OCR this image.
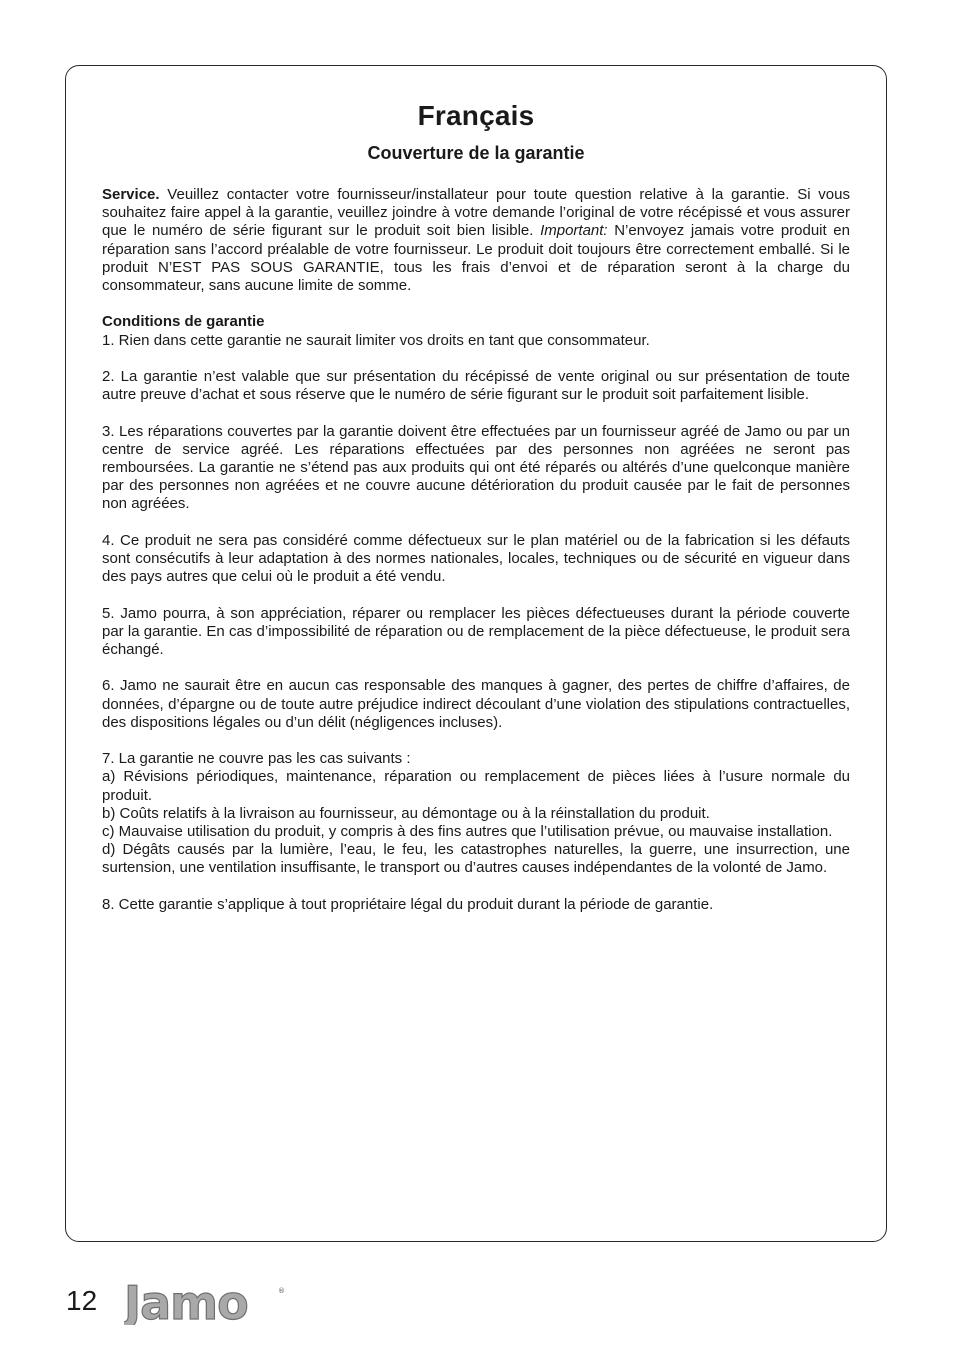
Français
Couverture de la garantie

Service. Veuillez contacter votre fournisseur/installateur pour toute question relative à la garantie. Si vous souhaitez faire appel à la garantie, veuillez joindre à votre demande l’original de votre récépissé et vous assurer que le numéro de série figurant sur le produit soit bien lisible. Important: N’envoyez jamais votre produit en réparation sans l’accord préalable de votre fournisseur. Le produit doit toujours être correctement emballé. Si le produit N’EST PAS SOUS GARANTIE, tous les frais d’envoi et de réparation seront à la charge du consommateur, sans aucune limite de somme.

Conditions de garantie

1. Rien dans cette garantie ne saurait limiter vos droits en tant que consommateur.

2. La garantie n’est valable que sur présentation du récépissé de vente original ou sur présentation de toute autre preuve d’achat et sous réserve que le numéro de série figurant sur le produit soit parfaitement lisible.

3. Les réparations couvertes par la garantie doivent être effectuées par un fournisseur agréé de Jamo ou par un centre de service agréé. Les réparations effectuées par des personnes non agréées ne seront pas remboursées. La garantie ne s’étend pas aux produits qui ont été réparés ou altérés d’une quelconque manière par des personnes non agréées et ne couvre aucune détérioration du produit causée par le fait de personnes non agréées.

4. Ce produit ne sera pas considéré comme défectueux sur le plan matériel ou de la fabrication si les défauts sont consécutifs à leur adaptation à des normes nationales, locales, techniques ou de sécurité en vigueur dans des pays autres que celui où le produit a été vendu.

5. Jamo pourra, à son appréciation, réparer ou remplacer les pièces défectueuses durant la période couverte par la garantie. En cas d’impossibilité de réparation ou de remplacement de la pièce défectueuse, le produit sera échangé.

6. Jamo ne saurait être en aucun cas responsable des manques à gagner, des pertes de chiffre d’affaires, de données, d’épargne ou de toute autre préjudice indirect découlant d’une violation des stipulations contractuelles, des dispositions légales ou d’un délit (négligences incluses).

7. La garantie ne couvre pas les cas suivants :

a) Révisions périodiques, maintenance, réparation ou remplacement de pièces liées à l’usure normale du produit.

b) Coûts relatifs à la livraison au fournisseur, au démontage ou à la réinstallation du produit.

c) Mauvaise utilisation du produit, y compris à des fins autres que l’utilisation prévue, ou mauvaise installation.

d) Dégâts causés par la lumière, l’eau, le feu, les catastrophes naturelles, la guerre, une insurrection, une surtension, une ventilation insuffisante, le transport ou d’autres causes indépendantes de la volonté de Jamo.

8. Cette garantie s’applique à tout propriétaire légal du produit durant la période de garantie.

12 Jamo	®
